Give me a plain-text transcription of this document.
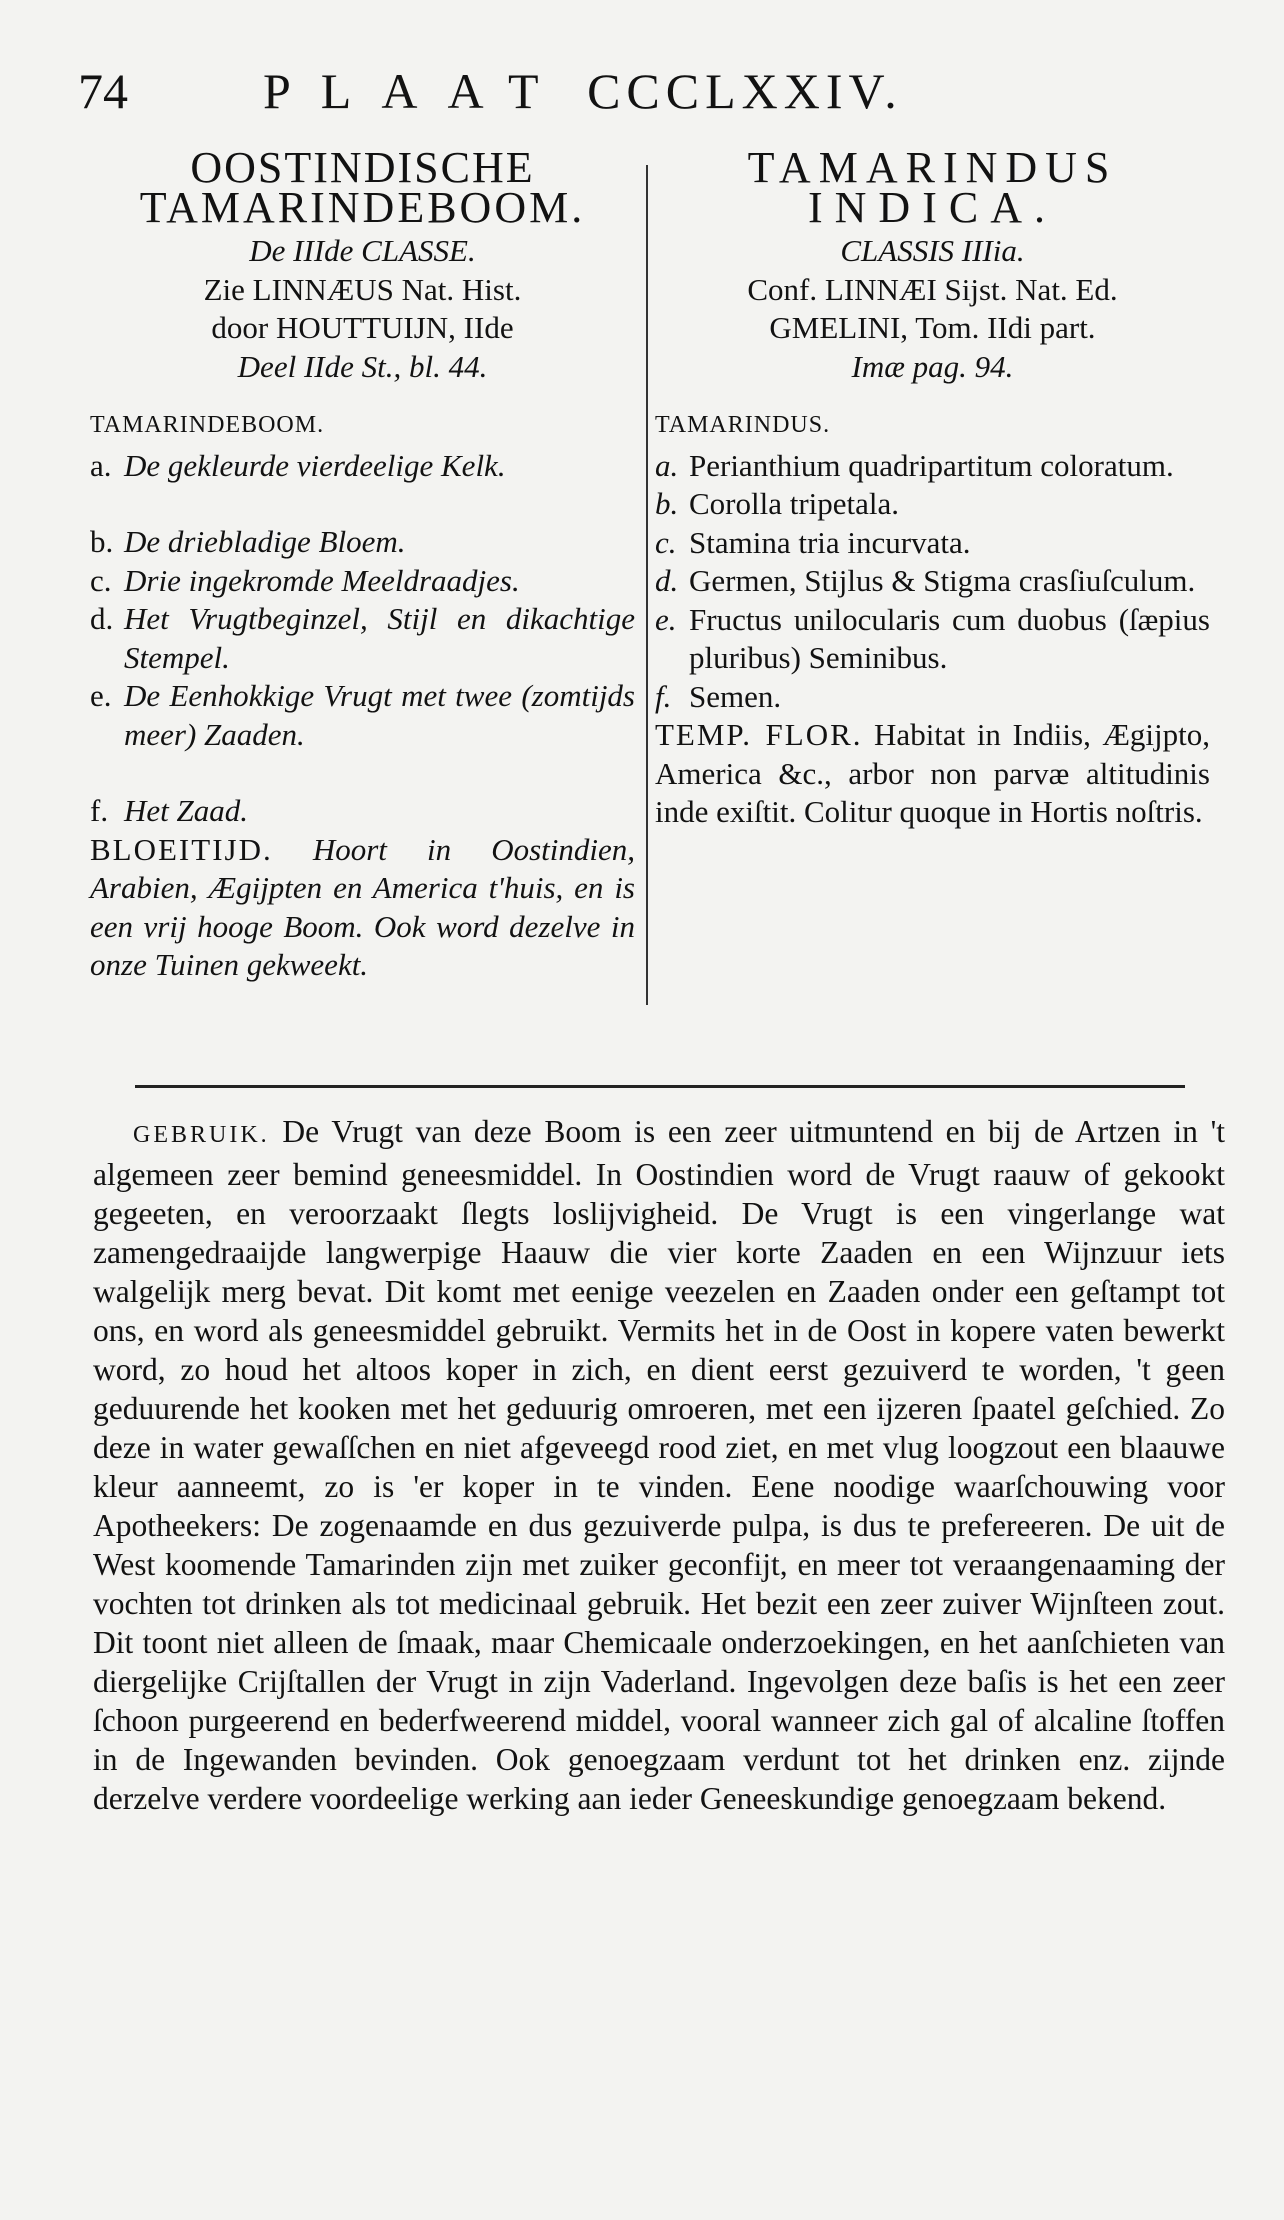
74	PLAAT CCCLXXIV.
OOSTINDISCHE
TAMARINDEBOOM.
De IIIde CLASSE.
Zie LINNÆUS Nat. Hist.
door HOUTTUIJN, IIde
Deel IIde St., bl. 44.
TAMARINDEBOOM.
a. De gekleurde vierdeelige Kelk.
b. De driebladige Bloem.
c. Drie ingekromde Meeldraadjes.
d. Het Vrugtbeginzel, Stijl en dikachtige Stempel.
e. De Eenhokkige Vrugt met twee (zomtijds meer) Zaaden.
f. Het Zaad.
BLOEITIJD. Hoort in Oostindien, Arabien, Ægijpten en America t'huis, en is een vrij hooge Boom. Ook word dezelve in onze Tuinen gekweekt.
TAMARINDUS
INDICA.
CLASSIS IIIia.
Conf. LINNÆI Sijst. Nat. Ed.
GMELINI, Tom. IIdi part.
Imæ pag. 94.
TAMARINDUS.
a. Perianthium quadripartitum coloratum.
b. Corolla tripetala.
c. Stamina tria incurvata.
d. Germen, Stijlus & Stigma crasſiuſculum.
e. Fructus unilocularis cum duobus (ſæpius pluribus) Seminibus.
f. Semen.
TEMP. FLOR. Habitat in Indiis, Ægijpto, America &c., arbor non parvæ altitudinis inde exiſtit. Colitur quoque in Hortis noſtris.
GEBRUIK. De Vrugt van deze Boom is een zeer uitmuntend en bij de Artzen in 't algemeen zeer bemind geneesmiddel. In Oostindien word de Vrugt raauw of gekookt gegeeten, en veroorzaakt ſlegts loslijvigheid. De Vrugt is een vingerlange wat zamengedraaijde langwerpige Haauw die vier korte Zaaden en een Wijnzuur iets walgelijk merg bevat. Dit komt met eenige veezelen en Zaaden onder een geſtampt tot ons, en word als geneesmiddel gebruikt. Vermits het in de Oost in kopere vaten bewerkt word, zo houd het altoos koper in zich, en dient eerst gezuiverd te worden, 't geen geduurende het kooken met het geduurig omroeren, met een ijzeren ſpaatel geſchied. Zo deze in water gewaſſchen en niet afgeveegd rood ziet, en met vlug loogzout een blaauwe kleur aanneemt, zo is 'er koper in te vinden. Eene noodige waarſchouwing voor Apotheekers: De zogenaamde en dus gezuiverde pulpa, is dus te prefereeren. De uit de West koomende Tamarinden zijn met zuiker geconfijt, en meer tot veraangenaaming der vochten tot drinken als tot medicinaal gebruik. Het bezit een zeer zuiver Wijnſteen zout. Dit toont niet alleen de ſmaak, maar Chemicaale onderzoekingen, en het aanſchieten van diergelijke Crijſtallen der Vrugt in zijn Vaderland. Ingevolgen deze baſis is het een zeer ſchoon purgeerend en bederfweerend middel, vooral wanneer zich gal of alcaline ſtoffen in de Ingewanden bevinden. Ook genoegzaam verdunt tot het drinken enz. zijnde derzelve verdere voordeelige werking aan ieder Geneeskundige genoegzaam bekend.
